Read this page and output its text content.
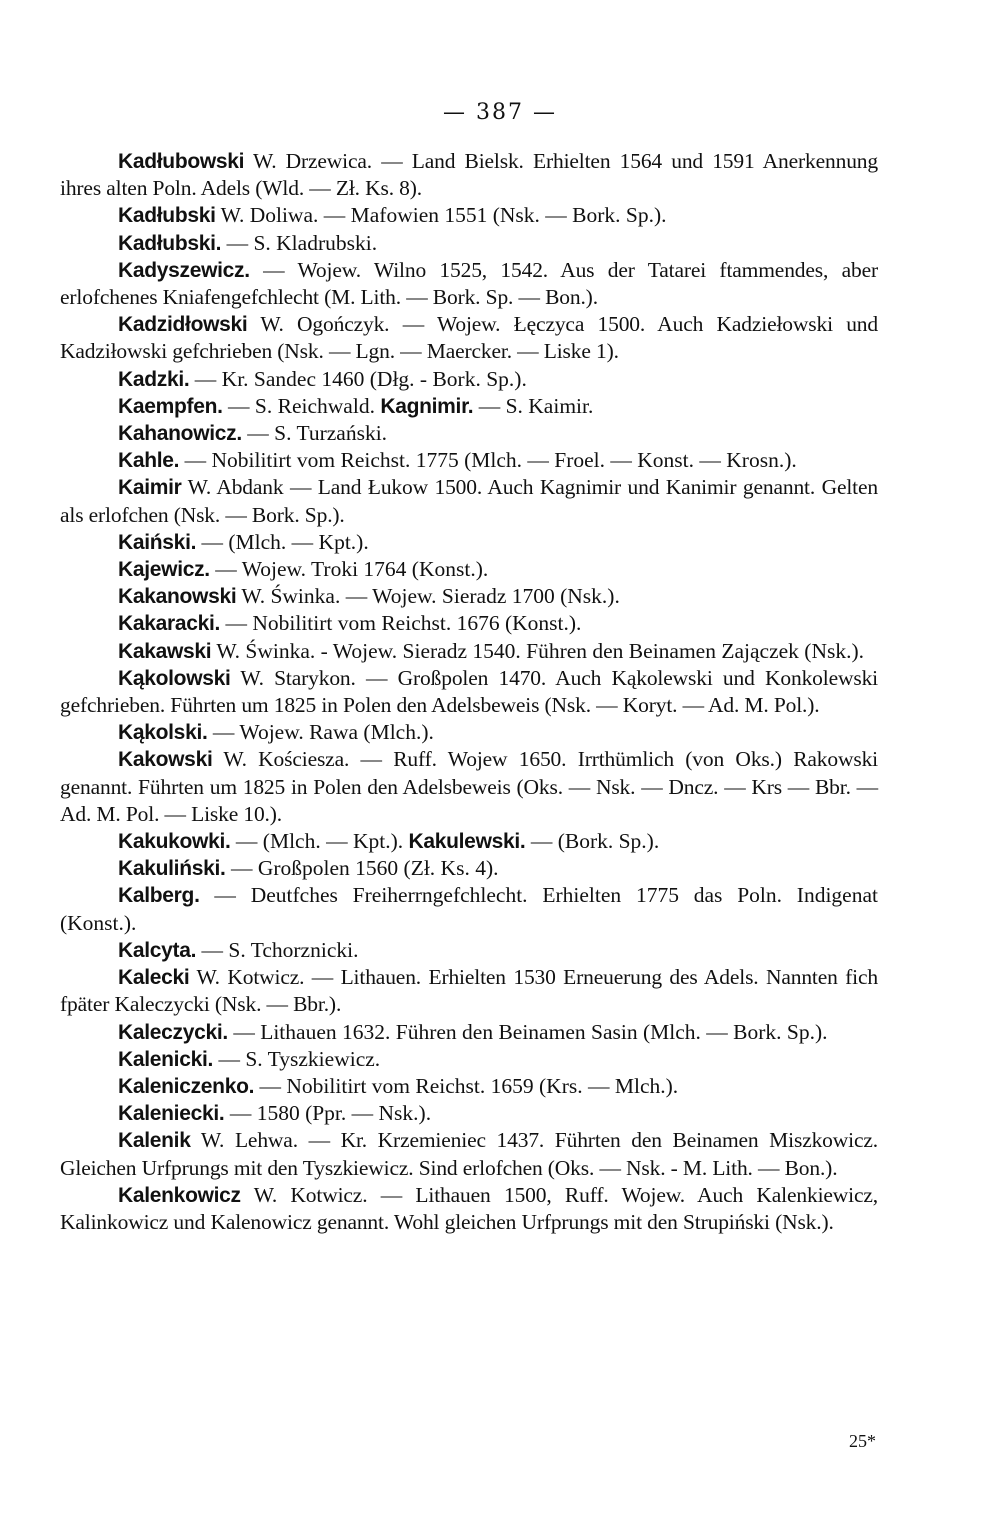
— 387 —

Kadłubowski W. Drzewica. — Land Bielsk. Erhielten 1564 und 1591 Anerkennung ihres alten Poln. Adels (Wld. — Zł. Ks. 8).

Kadłubski W. Doliwa. — Mafowien 1551 (Nsk. — Bork. Sp.).

Kadłubski. — S. Kladrubski.

Kadyszewicz. — Wojew. Wilno 1525, 1542. Aus der Tatarei ftammendes, aber erlofchenes Kniafengefchlecht (M. Lith. — Bork. Sp. — Bon.).

Kadzidłowski W. Ogończyk. — Wojew. Łęczyca 1500. Auch Kadziełowski und Kadziłowski gefchrieben (Nsk. — Lgn. — Maercker. — Liske 1).

Kadzki. — Kr. Sandec 1460 (Dłg. - Bork. Sp.).

Kaempfen. — S. Reichwald. Kagnimir. — S. Kaimir.

Kahanowicz. — S. Turzański.

Kahle. — Nobilitirt vom Reichst. 1775 (Mlch. — Froel. — Konst. — Krosn.).

Kaimir W. Abdank — Land Łukow 1500. Auch Kagnimir und Kanimir genannt. Gelten als erlofchen (Nsk. — Bork. Sp.).

Kaiński. — (Mlch. — Kpt.).

Kajewicz. — Wojew. Troki 1764 (Konst.).

Kakanowski W. Świnka. — Wojew. Sieradz 1700 (Nsk.).

Kakaracki. — Nobilitirt vom Reichst. 1676 (Konst.).

Kakawski W. Świnka. - Wojew. Sieradz 1540. Führen den Beinamen Zajączek (Nsk.).

Kąkolowski W. Starykon. — Großpolen 1470. Auch Kąkolewski und Konkolewski gefchrieben. Führten um 1825 in Polen den Adelsbeweis (Nsk. — Koryt. — Ad. M. Pol.).

Kąkolski. — Wojew. Rawa (Mlch.).

Kakowski W. Kościesza. — Ruff. Wojew 1650. Irrthümlich (von Oks.) Rakowski genannt. Führten um 1825 in Polen den Adelsbeweis (Oks. — Nsk. — Dncz. — Krs — Bbr. — Ad. M. Pol. — Liske 10.).

Kakukowki. — (Mlch. — Kpt.). Kakulewski. — (Bork. Sp.).

Kakuliński. — Großpolen 1560 (Zł. Ks. 4).

Kalberg. — Deutfches Freiherrngefchlecht. Erhielten 1775 das Poln. Indigenat (Konst.).

Kalcyta. — S. Tchorznicki.

Kalecki W. Kotwicz. — Lithauen. Erhielten 1530 Erneuerung des Adels. Nannten fich fpäter Kaleczycki (Nsk. — Bbr.).

Kaleczycki. — Lithauen 1632. Führen den Beinamen Sasin (Mlch. — Bork. Sp.).

Kalenicki. — S. Tyszkiewicz.

Kaleniczenko. — Nobilitirt vom Reichst. 1659 (Krs. — Mlch.).

Kaleniecki. — 1580 (Ppr. — Nsk.).

Kalenik W. Lehwa. — Kr. Krzemieniec 1437. Führten den Beinamen Miszkowicz. Gleichen Urfprungs mit den Tyszkiewicz. Sind erlofchen (Oks. — Nsk. - M. Lith. — Bon.).

Kalenkowicz W. Kotwicz. — Lithauen 1500, Ruff. Wojew. Auch Kalenkiewicz, Kalinkowicz und Kalenowicz genannt. Wohl gleichen Urfprungs mit den Strupiński (Nsk.).

25*
